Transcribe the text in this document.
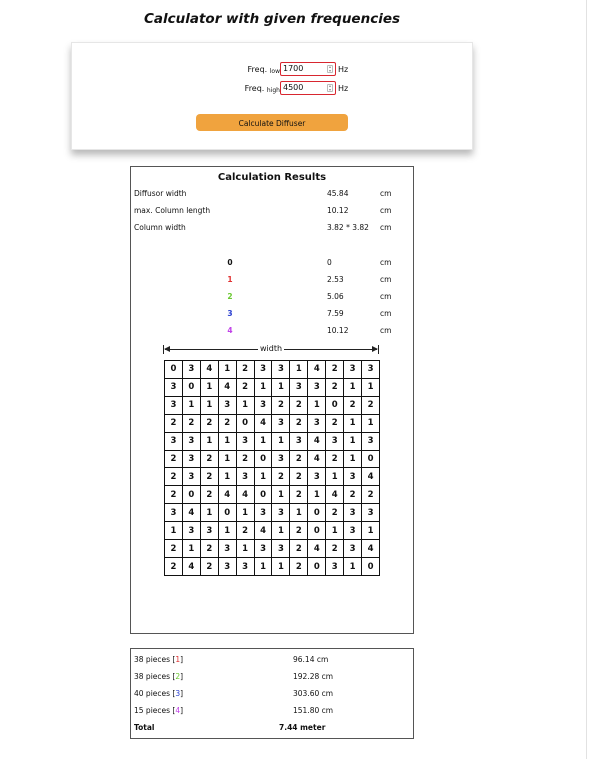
Calculator with given frequencies
Freq. low 1700	Hz
Freq. high 4500	Hz
Calculate Diffuser
Calculation Results
Diffusor width	45.84	cm
max. Column length	10.12	cm
Column width	3.82 * 3.82 cm
0	0	cm
1	2.53	cm
2	5.06	cm
3	7.59	cm
4	10.12	cm
width
0	3	4	1	2	3	3	1	4	2	3	3
3	0	1	4	2	1	1	3	3	2	1	1
3	1	1	3	1	3	2	2	1	0	2	2
2	2	2	2	0	4	3	2	3	2	1	1
3	3	1	1	3	1	1	3	4	3	1	3
2	3	2	1	2	0	3	2	4	2	1	0
2	3	2	1	3	1	2	2	3	1	3	4
2	0	2	4	4	0	1	2	1	4	2	2
3	4	1	0	1	3	3	1	0	2	3	3
1	3	3	1	2	4	1	2	0	1	3	1
2	1	2	3	1	3	3	2	4	2	3	4
2	4	2	3	3	1	1	2	0	3	1	0
38 pieces [1]	96.14 cm
38 pieces [2]	192.28 cm
40 pieces [3]	303.60 cm
15 pieces [4]	151.80 cm
Total	7.44 meter
